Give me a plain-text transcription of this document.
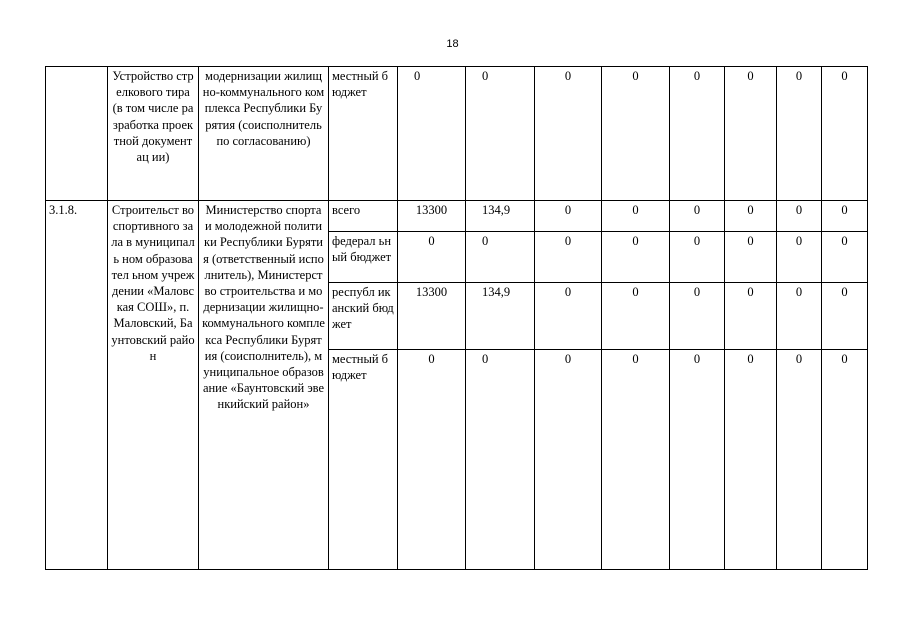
18
	Устройство стрелкового тира (в том числе разработка проектной документац ии)	модернизации жилищно-коммунального комплекса Республики Бурятия (соисполнитель по согласованию)	местный бюджет	0	0	0	0	0	0	0	0
3.1.8.	Строительст во спортивного зала в муниципаль ном образовател ьном учреждении «Маловская СОШ», п. Маловский, Баунтовский район	Министерство спорта и молодежной политики Республики Бурятия (ответственный исполнитель), Министерство строительства и модернизации жилищно-коммунального комплекса Республики Бурятия (соисполнитель), муниципальное образование «Баунтовский эвенкийский район»	всего	13300	134,9	0	0	0	0	0	0
			федерал ьный бюджет	0	0	0	0	0	0	0	0
			республ иканский бюджет	13300	134,9	0	0	0	0	0	0
			местный бюджет	0	0	0	0	0	0	0	0
